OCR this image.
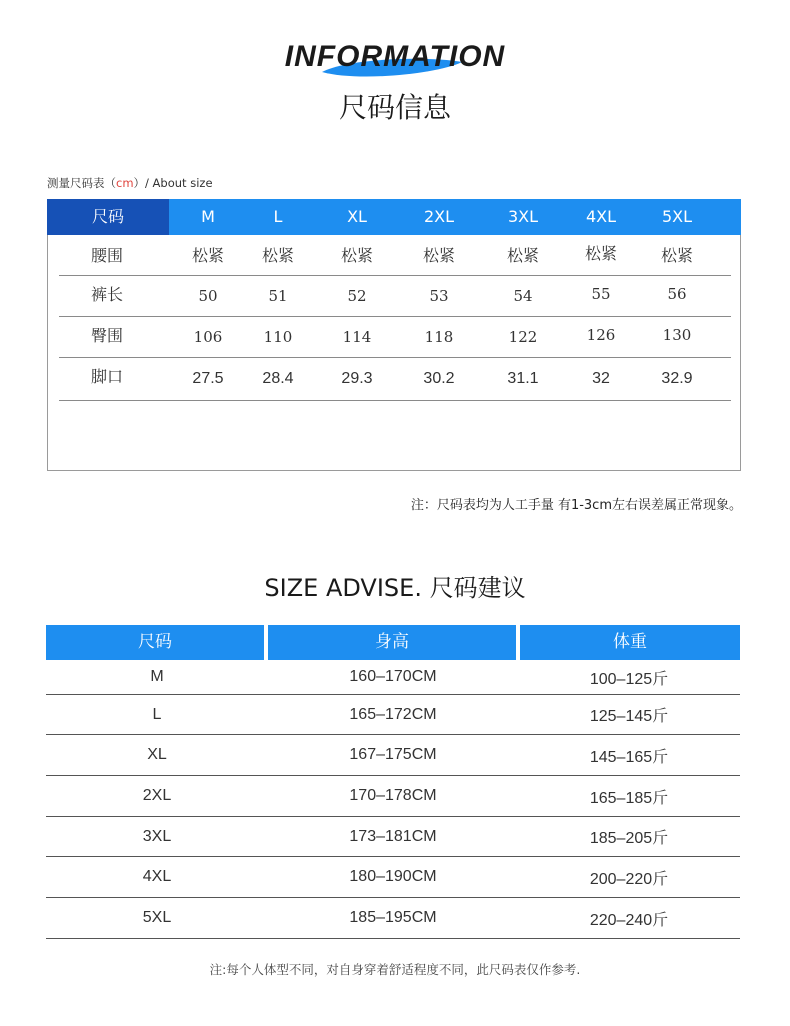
INFORMATION
尺码信息
测量尺码表（cm）/ About size
尺码	M	L	XL	2XL	3XL	4XL	5XL
腰围	松紧	松紧	松紧	松紧	松紧	松紧	松紧
裤长	50	51	52	53	54	55	56
臀围	106	110	114	118	122	126	130
脚口	27.5	28.4	29.3	30.2	31.1	32	32.9
注：尺码表均为人工手量 有1-3cm左右误差属正常现象。
SIZE ADVISE. 尺码建议
尺码	身高	体重
M	160–170CM	100–125斤
L	165–172CM	125–145斤
XL	167–175CM	145–165斤
2XL	170–178CM	165–185斤
3XL	173–181CM	185–205斤
4XL	180–190CM	200–220斤
5XL	185–195CM	220–240斤
注:每个人体型不同，对自身穿着舒适程度不同，此尺码表仅作参考.
